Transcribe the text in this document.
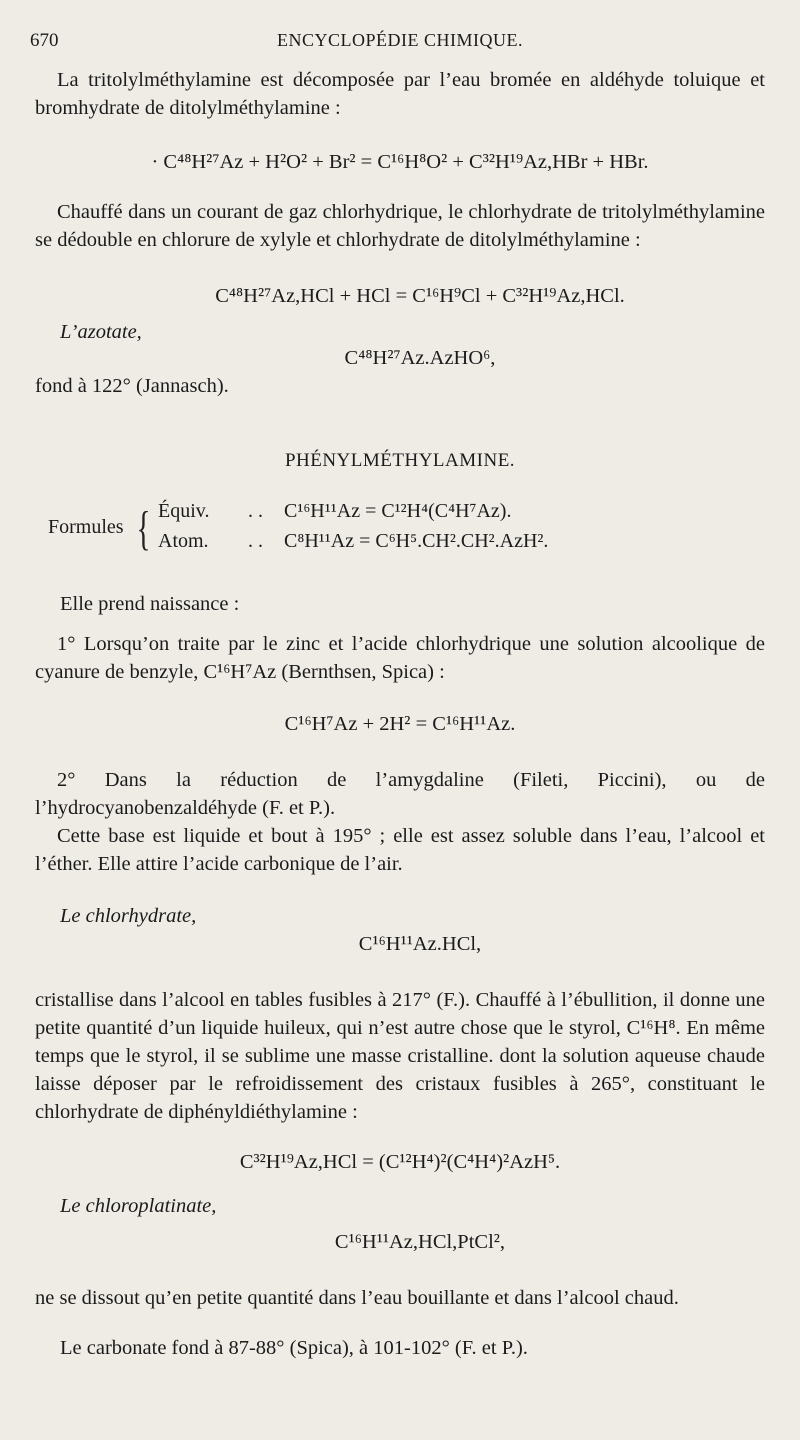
670	ENCYCLOPÉDIE CHIMIQUE.
La tritolylméthylamine est décomposée par l’eau bromée en aldéhyde toluique et bromhydrate de ditolylméthylamine :
· C⁴⁸H²⁷Az + H²O² + Br² = C¹⁶H⁸O² + C³²H¹⁹Az,HBr + HBr.
Chauffé dans un courant de gaz chlorhydrique, le chlorhydrate de tritolylméthylamine se dédouble en chlorure de xylyle et chlorhydrate de ditolylméthylamine :
C⁴⁸H²⁷Az,HCl + HCl = C¹⁶H⁹Cl + C³²H¹⁹Az,HCl.
L’azotate,
C⁴⁸H²⁷Az.AzHO⁶,
fond à 122° (Jannasch).
PHÉNYLMÉTHYLAMINE.
Formules { Équiv. . . C¹⁶H¹¹Az = C¹²H⁴(C⁴H⁷Az).
Atom. . . C⁸H¹¹Az = C⁶H⁵.CH².CH².AzH².
Elle prend naissance :
1° Lorsqu’on traite par le zinc et l’acide chlorhydrique une solution alcoolique de cyanure de benzyle, C¹⁶H⁷Az (Bernthsen, Spica) :
C¹⁶H⁷Az + 2H² = C¹⁶H¹¹Az.
2° Dans la réduction de l’amygdaline (Fileti, Piccini), ou de l’hydrocyanobenzaldéhyde (F. et P.).
Cette base est liquide et bout à 195° ; elle est assez soluble dans l’eau, l’alcool et l’éther. Elle attire l’acide carbonique de l’air.
Le chlorhydrate,
C¹⁶H¹¹Az.HCl,
cristallise dans l’alcool en tables fusibles à 217° (F.). Chauffé à l’ébullition, il donne une petite quantité d’un liquide huileux, qui n’est autre chose que le styrol, C¹⁶H⁸. En même temps que le styrol, il se sublime une masse cristalline. dont la solution aqueuse chaude laisse déposer par le refroidissement des cristaux fusibles à 265°, constituant le chlorhydrate de diphényldiéthylamine :
C³²H¹⁹Az,HCl = (C¹²H⁴)²(C⁴H⁴)²AzH⁵.
Le chloroplatinate,
C¹⁶H¹¹Az,HCl,PtCl²,
ne se dissout qu’en petite quantité dans l’eau bouillante et dans l’alcool chaud.
Le carbonate fond à 87-88° (Spica), à 101-102° (F. et P.).
